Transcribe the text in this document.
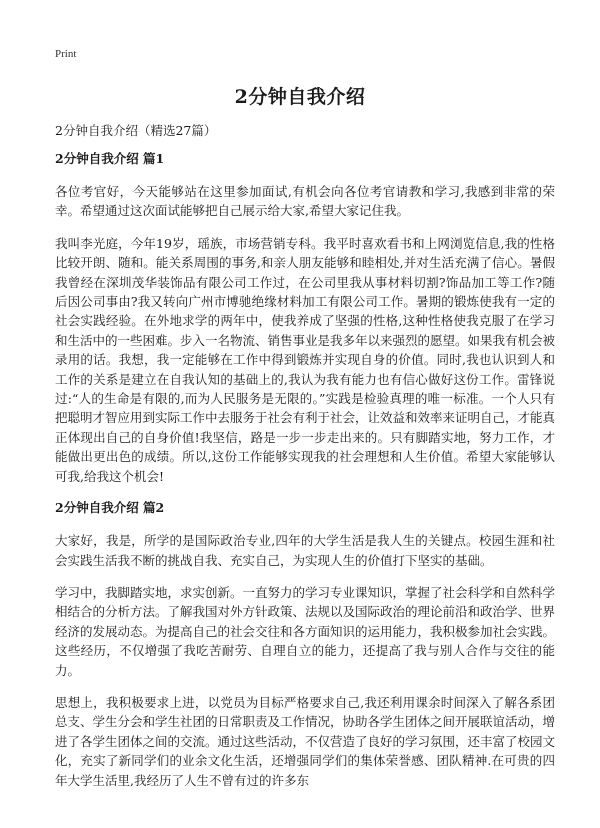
Print
2分钟自我介绍
2分钟自我介绍（精选27篇）
2分钟自我介绍 篇1

各位考官好，今天能够站在这里参加面试,有机会向各位考官请教和学习,我感到非常的荣幸。希望通过这次面试能够把自己展示给大家,希望大家记住我。

我叫李光庭，今年19岁，瑶族，市场营销专科。我平时喜欢看书和上网浏览信息,我的性格比较开朗、随和。能关系周围的事务,和亲人朋友能够和睦相处,并对生活充满了信心。暑假我曾经在深圳茂华装饰品有限公司工作过，在公司里我从事材料切割?饰品加工等工作?随后因公司事由?我又转向广州市博驰绝缘材料加工有限公司工作。暑期的锻炼使我有一定的社会实践经验。在外地求学的两年中，使我养成了坚强的性格,这种性格使我克服了在学习和生活中的一些困难。步入一名物流、销售事业是我多年以来强烈的愿望。如果我有机会被录用的话。我想，我一定能够在工作中得到锻炼并实现自身的价值。同时,我也认识到人和工作的关系是建立在自我认知的基础上的,我认为我有能力也有信心做好这份工作。雷锋说过:“人的生命是有限的,而为人民服务是无限的。”实践是检验真理的唯一标准。一个人只有把聪明才智应用到实际工作中去服务于社会有利于社会，让效益和效率来证明自己，才能真正体现出自己的自身价值!我坚信，路是一步一步走出来的。只有脚踏实地，努力工作，才能做出更出色的成绩。所以,这份工作能够实现我的社会理想和人生价值。希望大家能够认可我,给我这个机会!

2分钟自我介绍 篇2

大家好，我是，所学的是国际政治专业,四年的大学生活是我人生的关键点。校园生涯和社会实践生活我不断的挑战自我、充实自己，为实现人生的价值打下坚实的基础。

学习中，我脚踏实地，求实创新。一直努力的学习专业课知识，掌握了社会科学和自然科学相结合的分析方法。了解我国对外方针政策、法规以及国际政治的理论前沿和政治学、世界经济的发展动态。为提高自己的社会交往和各方面知识的运用能力，我积极参加社会实践。这些经历，不仅增强了我吃苦耐劳、自理自立的能力，还提高了我与别人合作与交往的能力。

思想上，我积极要求上进，以党员为目标严格要求自己,我还利用课余时间深入了解各系团总支、学生分会和学生社团的日常职责及工作情况，协助各学生团体之间开展联谊活动，增进了各学生团体之间的交流。通过这些活动，不仅营造了良好的学习氛围，还丰富了校园文化，充实了新同学们的业余文化生活，还增强同学们的集体荣誉感、团队精神.在可贵的四年大学生活里,我经历了人生不曾有过的许多东
